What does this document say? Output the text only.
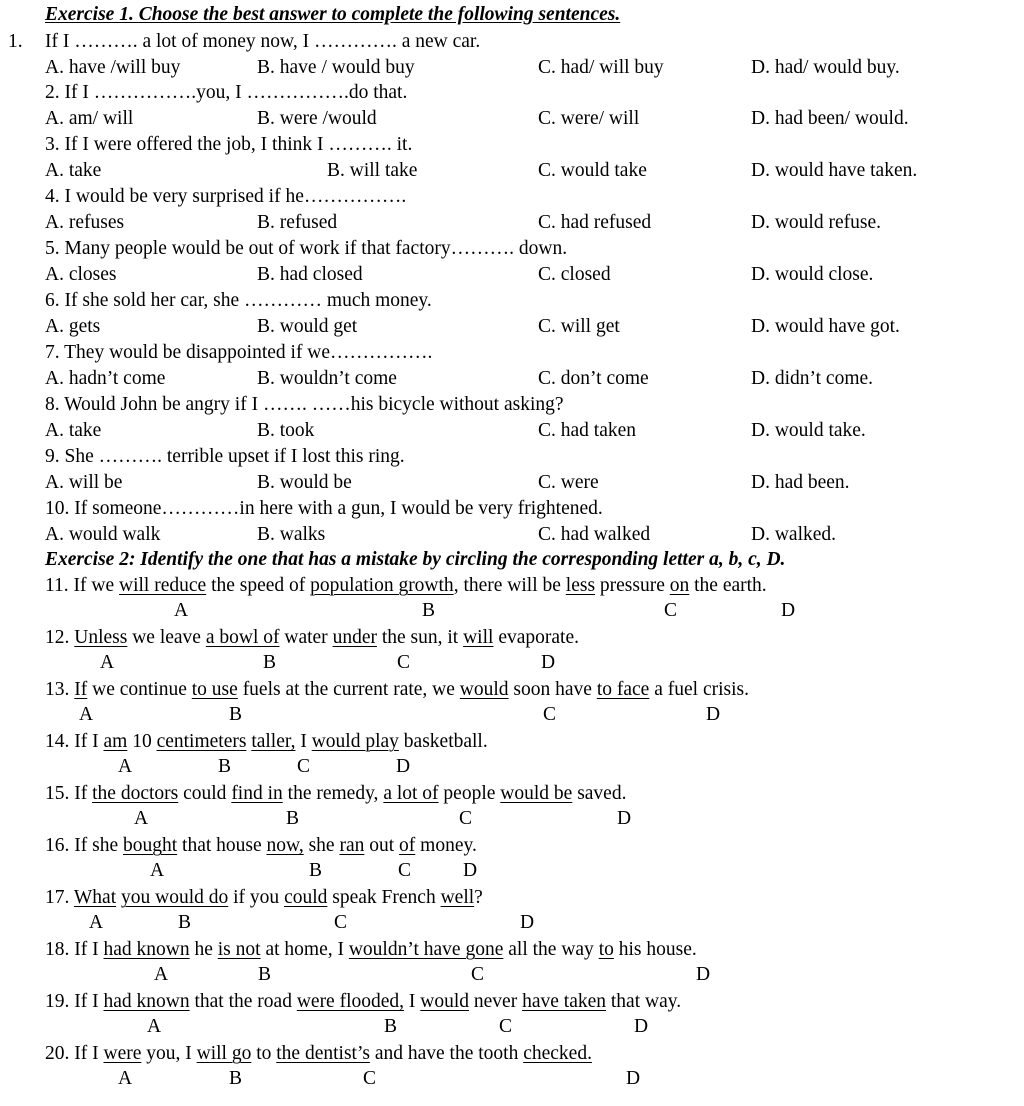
Exercise 1. Choose the best answer to complete the following sentences.
1. If I ………. a lot of money now, I …………. a new car.
A. have /will buy	B. have / would buy	C. had/ will buy	D. had/ would buy.
2. If I …………….you, I …………….do that.
A. am/ will	B. were /would	C. were/ will	D. had been/ would.
3. If I were offered the job, I think I ………. it.
A. take	B. will take	C. would take	D. would have taken.
4. I would be very surprised if he…………….
A. refuses	B. refused	C. had refused	D. would refuse.
5. Many people would be out of work if that factory………. down.
A. closes	B. had closed	C. closed	D. would close.
6. If she sold her car, she ………… much money.
A. gets	B. would get	C. will get	D. would have got.
7. They would be disappointed if we…………….
A. hadn’t come	B. wouldn’t come	C. don’t come	D. didn’t come.
8. Would John be angry if I ……. ……his bicycle without asking?
A. take	B. took	C. had taken	D. would take.
9. She ………. terrible upset if I lost this ring.
A. will be	B. would be	C. were	D. had been.
10. If someone…………in here with a gun, I would be very frightened.
A. would walk	B. walks	C. had walked	D. walked.
Exercise 2: Identify the one that has a mistake by circling the corresponding letter a, b, c, D.
11. If we will reduce the speed of population growth, there will be less pressure on the earth.
A	B	C	D
12. Unless we leave a bowl of water under the sun, it will evaporate.
A	B	C	D
13. If we continue to use fuels at the current rate, we would soon have to face a fuel crisis.
A	B	C	D
14. If I am 10 centimeters taller, I would play basketball.
A	B	C	D
15. If the doctors could find in the remedy, a lot of people would be saved.
A	B	C	D
16. If she bought that house now, she ran out of money.
A	B	C	D
17. What you would do if you could speak French well?
A	B	C	D
18. If I had known he is not at home, I wouldn’t have gone all the way to his house.
A	B	C	D
19. If I had known that the road were flooded, I would never have taken that way.
A	B	C	D
20. If I were you, I will go to the dentist’s and have the tooth checked.
A	B	C	D
